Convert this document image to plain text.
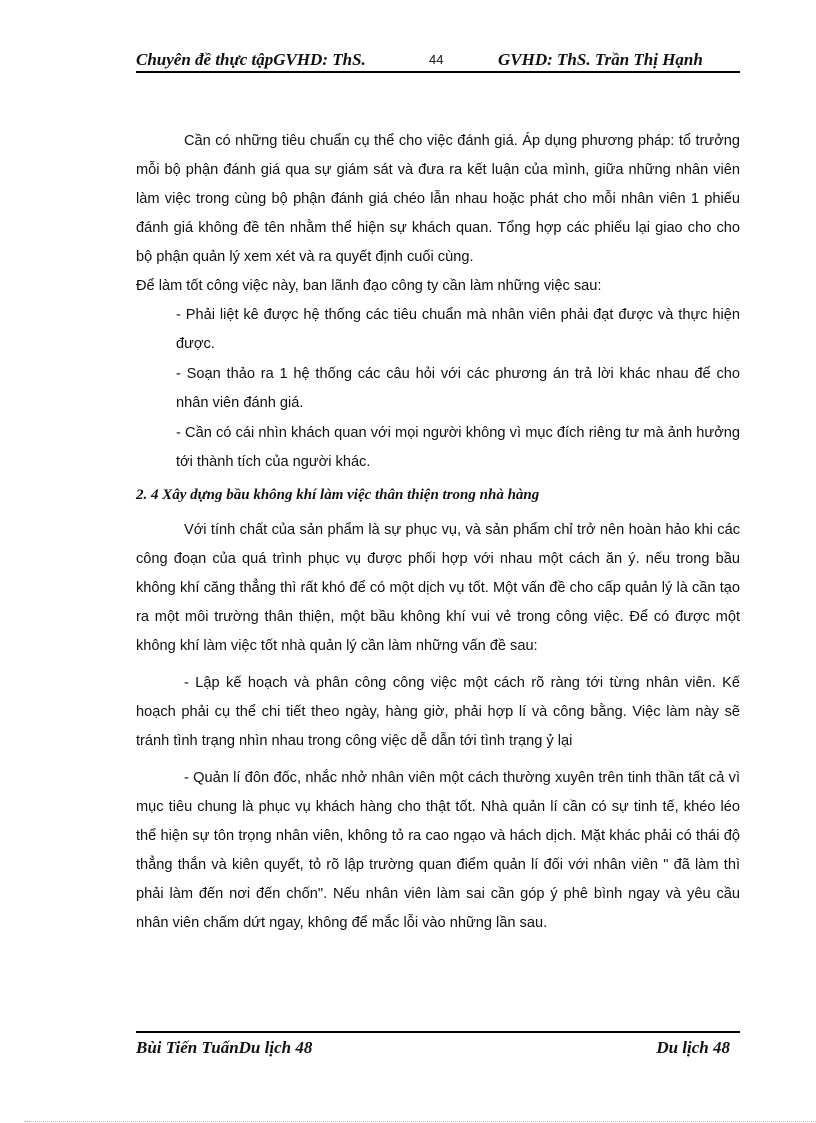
Chuyên đề thực tậpGVHD: ThS.	44	GVHD: ThS. Trần Thị Hạnh

Cần có những tiêu chuẩn cụ thể cho việc đánh giá. Áp dụng phương pháp: tổ trưởng mỗi bộ phận đánh giá qua sự giám sát và đưa ra kết luận của mình, giữa những nhân viên làm việc trong cùng bộ phận đánh giá chéo lẫn nhau hoặc phát cho mỗi nhân viên 1 phiếu đánh giá không đề tên nhằm thể hiện sự khách quan. Tổng hợp các phiếu lại giao cho cho bộ phận quản lý xem xét và ra quyết định cuối cùng.

Để làm tốt công việc này, ban lãnh đạo công ty cần làm những việc sau:

- Phải liệt kê được hệ thống các tiêu chuẩn mà nhân viên phải đạt được và thực hiện được.

- Soạn thảo ra 1 hệ thống các câu hỏi với các phương án trả lời khác nhau để cho nhân viên đánh giá.

- Cần có cái nhìn khách quan với mọi người không vì mục đích riêng tư mà ảnh hưởng tới thành tích của người khác.

2. 4 Xây dựng bầu không khí làm việc thân thiện trong nhà hàng

Với tính chất của sản phẩm là sự phục vụ, và sản phẩm chỉ trở nên hoàn hảo khi các công đoạn của quá trình phục vụ được phối hợp với nhau một cách ăn ý. nếu trong bầu không khí căng thẳng thì rất khó để có một dịch vụ tốt. Một vấn đề cho cấp quản lý là cần tạo ra một môi trường thân thiện, một bầu không khí vui vẻ trong công việc. Để có được một không khí làm việc tốt nhà quản lý cần làm những vấn đề sau:

- Lập kế hoạch và phân công công việc một cách rõ ràng tới từng nhân viên. Kế hoạch phải cụ thể chi tiết theo ngày, hàng giờ, phải hợp lí và công bằng. Việc làm này sẽ tránh tình trạng nhìn nhau trong công việc dễ dẫn tới tình trạng ỷ lại

- Quản lí đôn đốc, nhắc nhở nhân viên một cách thường xuyên trên tinh thần tất cả vì mục tiêu chung là phục vụ khách hàng cho thật tốt. Nhà quản lí cần có sự tinh tế, khéo léo thể hiện sự tôn trọng nhân viên, không tỏ ra cao ngạo và hách dịch. Mặt khác phải có thái độ thẳng thắn và kiên quyết, tỏ rõ lập trường quan điểm quản lí đối với nhân viên " đã làm thì phải làm đến nơi đến chốn". Nếu nhân viên làm sai cần góp ý phê bình ngay và yêu cầu nhân viên chấm dứt ngay, không để mắc lỗi vào những lần sau.

Bùi Tiến TuấnDu lịch 48	Du lịch 48
